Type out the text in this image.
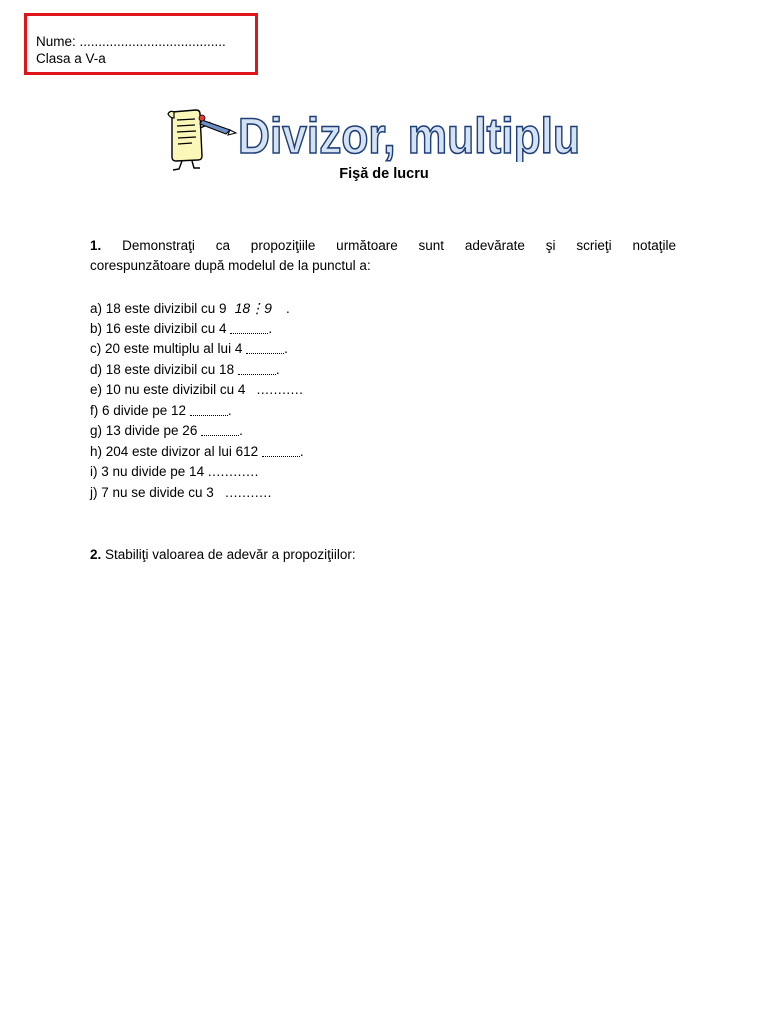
Nume: .......................................
Clasa a V-a
Divizor, multiplu
Fişă de lucru
1. Demonstraţi ca propoziţiile următoare sunt adevărate şi scrieţi notaţile
corespunzătoare după modelul de la punctul a:
a) 18 este divizibil cu 9 18⋮9 .
b) 16 este divizibil cu 4	.
c) 20 este multiplu al lui 4	.
d) 18 este divizibil cu 18	.
e) 10 nu este divizibil cu 4 ...........
f) 6 divide pe 12	.
g) 13 divide pe 26	.
h) 204 este divizor al lui 612	.
i) 3 nu divide pe 14 ............
j) 7 nu se divide cu 3 ...........
2. Stabiliţi valoarea de adevăr a propoziţiilor:
